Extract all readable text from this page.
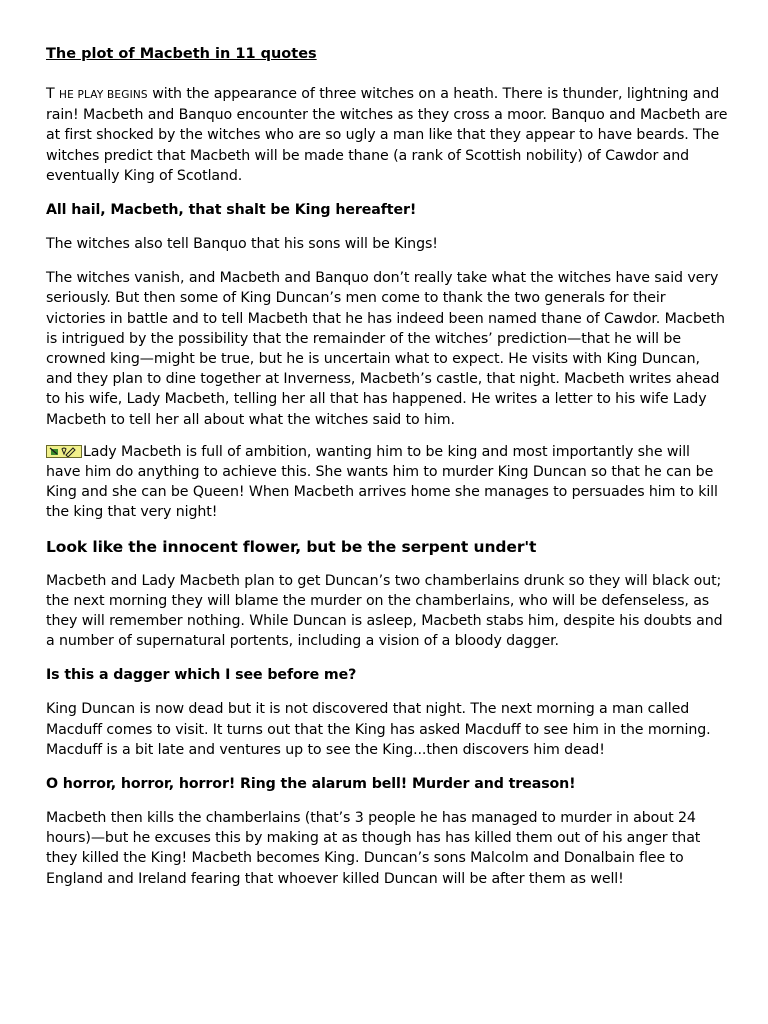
The plot of Macbeth in 11 quotes

T HE PLAY BEGINS with the appearance of three witches on a heath. There is thunder, lightning and rain! Macbeth and Banquo encounter the witches as they cross a moor. Banquo and Macbeth are at first shocked by the witches who are so ugly a man like that they appear to have beards. The witches predict that Macbeth will be made thane (a rank of Scottish nobility) of Cawdor and eventually King of Scotland.

All hail, Macbeth, that shalt be King hereafter!

The witches also tell Banquo that his sons will be Kings!

The witches vanish, and Macbeth and Banquo don’t really take what the witches have said very seriously. But then some of King Duncan’s men come to thank the two generals for their victories in battle and to tell Macbeth that he has indeed been named thane of Cawdor. Macbeth is intrigued by the possibility that the remainder of the witches’ prediction—that he will be crowned king—might be true, but he is uncertain what to expect. He visits with King Duncan, and they plan to dine together at Inverness, Macbeth’s castle, that night. Macbeth writes ahead to his wife, Lady Macbeth, telling her all that has happened. He writes a letter to his wife Lady Macbeth to tell her all about what the witches said to him.

Lady Macbeth is full of ambition, wanting him to be king and most importantly she will have him do anything to achieve this. She wants him to murder King Duncan so that he can be King and she can be Queen! When Macbeth arrives home she manages to persuades him to kill the king that very night!

Look like the innocent flower, but be the serpent under't

Macbeth and Lady Macbeth plan to get Duncan’s two chamberlains drunk so they will black out; the next morning they will blame the murder on the chamberlains, who will be defenseless, as they will remember nothing. While Duncan is asleep, Macbeth stabs him, despite his doubts and a number of supernatural portents, including a vision of a bloody dagger.

Is this a dagger which I see before me?

King Duncan is now dead but it is not discovered that night. The next morning a man called Macduff comes to visit. It turns out that the King has asked Macduff to see him in the morning. Macduff is a bit late and ventures up to see the King...then discovers him dead!

O horror, horror, horror! Ring the alarum bell! Murder and treason!

Macbeth then kills the chamberlains (that’s 3 people he has managed to murder in about 24 hours)—but he excuses this by making at as though has has killed them out of his anger that they killed the King! Macbeth becomes King. Duncan’s sons Malcolm and Donalbain flee to England and Ireland fearing that whoever killed Duncan will be after them as well!
